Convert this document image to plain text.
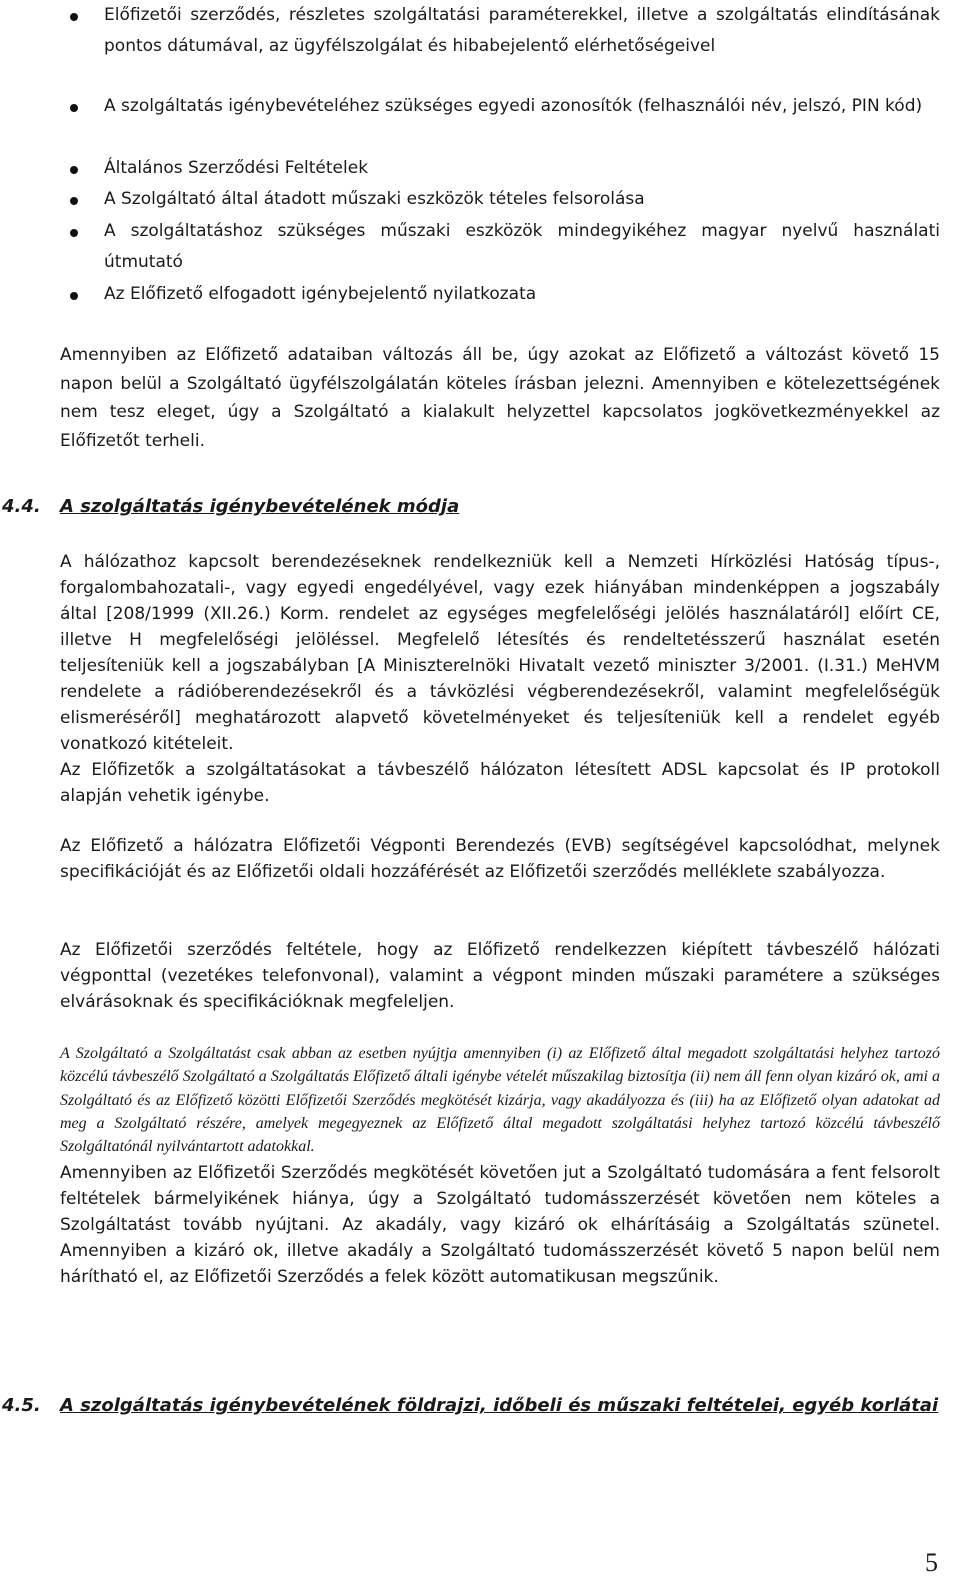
Előfizetői szerződés, részletes szolgáltatási paraméterekkel, illetve a szolgáltatás elindításának pontos dátumával, az ügyfélszolgálat és hibabejelentő elérhetőségeivel
A szolgáltatás igénybevételéhez szükséges egyedi azonosítók (felhasználói név, jelszó, PIN kód)
Általános Szerződési Feltételek
A Szolgáltató által átadott műszaki eszközök tételes felsorolása
A szolgáltatáshoz szükséges műszaki eszközök mindegyikéhez magyar nyelvű használati útmutató
Az Előfizető elfogadott igénybejelentő nyilatkozata
Amennyiben az Előfizető adataiban változás áll be, úgy azokat az Előfizető a változást követő 15 napon belül a Szolgáltató ügyfélszolgálatán köteles írásban jelezni. Amennyiben e kötelezettségének nem tesz eleget, úgy a Szolgáltató a kialakult helyzettel kapcsolatos jogkövetkezményekkel az Előfizetőt terheli.
4.4. A szolgáltatás igénybevételének módja
A hálózathoz kapcsolt berendezéseknek rendelkezniük kell a Nemzeti Hírközlési Hatóság típus-, forgalombahozatali-, vagy egyedi engedélyével, vagy ezek hiányában mindenképpen a jogszabály által [208/1999 (XII.26.) Korm. rendelet az egységes megfelelőségi jelölés használatáról] előírt CE, illetve H megfelelőségi jelöléssel. Megfelelő létesítés és rendeltetésszerű használat esetén teljesíteniük kell a jogszabályban [A Miniszterelnöki Hivatalt vezető miniszter 3/2001. (I.31.) MeHVM rendelete a rádióberendezésekről és a távközlési végberendezésekről, valamint megfelelőségük elismeréséről] meghatározott alapvető követelményeket és teljesíteniük kell a rendelet egyéb vonatkozó kitételeit.
Az Előfizetők a szolgáltatásokat a távbeszélő hálózaton létesített ADSL kapcsolat és IP protokoll alapján vehetik igénybe.
Az Előfizető a hálózatra Előfizetői Végponti Berendezés (EVB) segítségével kapcsolódhat, melynek specifikációját és az Előfizetői oldali hozzáférését az Előfizetői szerződés melléklete szabályozza.
Az Előfizetői szerződés feltétele, hogy az Előfizető rendelkezzen kiépített távbeszélő hálózati végponttal (vezetékes telefonvonal), valamint a végpont minden műszaki paramétere a szükséges elvárásoknak és specifikációknak megfeleljen.
A Szolgáltató a Szolgáltatást csak abban az esetben nyújtja amennyiben (i) az Előfizető által megadott szolgáltatási helyhez tartozó közcélú távbeszélő Szolgáltató a Szolgáltatás Előfizető általi igénybe vételét műszakilag biztosítja (ii) nem áll fenn olyan kizáró ok, ami a Szolgáltató és az Előfizető közötti Előfizetői Szerződés megkötését kizárja, vagy akadályozza és (iii) ha az Előfizető olyan adatokat ad meg a Szolgáltató részére, amelyek megegyeznek az Előfizető által megadott szolgáltatási helyhez tartozó közcélú távbeszélő Szolgáltatónál nyilvántartott adatokkal.
Amennyiben az Előfizetői Szerződés megkötését követően jut a Szolgáltató tudomására a fent felsorolt feltételek bármelyikének hiánya, úgy a Szolgáltató tudomásszerzését követően nem köteles a Szolgáltatást tovább nyújtani. Az akadály, vagy kizáró ok elhárításáig a Szolgáltatás szünetel. Amennyiben a kizáró ok, illetve akadály a Szolgáltató tudomásszerzését követő 5 napon belül nem hárítható el, az Előfizetői Szerződés a felek között automatikusan megszűnik.
4.5. A szolgáltatás igénybevételének földrajzi, időbeli és műszaki feltételei, egyéb korlátai
5
